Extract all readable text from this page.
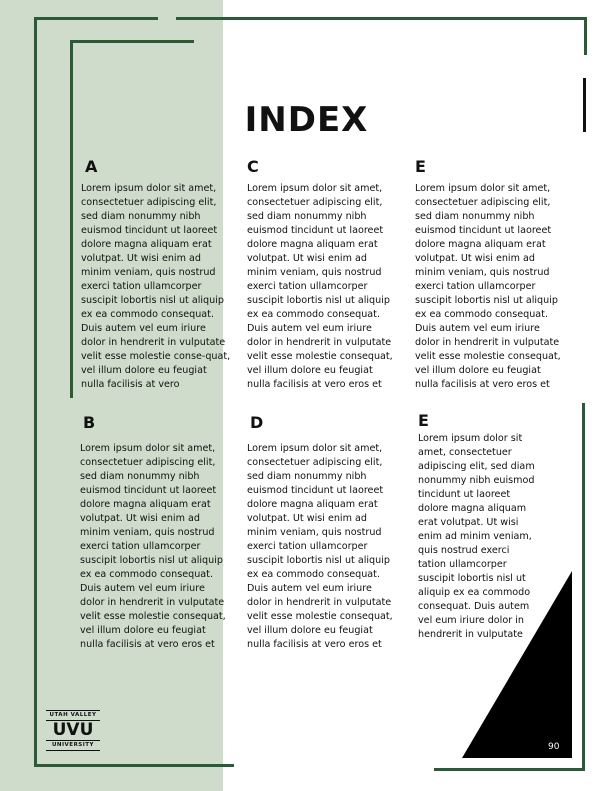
INDEX
A
Lorem ipsum dolor sit amet, consectetuer adipiscing elit, sed diam nonummy nibh euismod tincidunt ut laoreet dolore magna aliquam erat volutpat. Ut wisi enim ad minim veniam, quis nostrud exerci tation ullamcorper suscipit lobortis nisl ut aliquip ex ea commodo consequat. Duis autem vel eum iriure dolor in hendrerit in vulputate velit esse molestie conse-quat, vel illum dolore eu feugiat nulla facilisis at vero
C
Lorem ipsum dolor sit amet, consectetuer adipiscing elit, sed diam nonummy nibh euismod tincidunt ut laoreet dolore magna aliquam erat volutpat. Ut wisi enim ad minim veniam, quis nostrud exerci tation ullamcorper suscipit lobortis nisl ut aliquip ex ea commodo consequat. Duis autem vel eum iriure dolor in hendrerit in vulputate velit esse molestie consequat, vel illum dolore eu feugiat nulla facilisis at vero eros et
E
Lorem ipsum dolor sit amet, consectetuer adipiscing elit, sed diam nonummy nibh euismod tincidunt ut laoreet dolore magna aliquam erat volutpat. Ut wisi enim ad minim veniam, quis nostrud exerci tation ullamcorper suscipit lobortis nisl ut aliquip ex ea commodo consequat. Duis autem vel eum iriure dolor in hendrerit in vulputate velit esse molestie consequat, vel illum dolore eu feugiat nulla facilisis at vero eros et
B
Lorem ipsum dolor sit amet, consectetuer adipiscing elit, sed diam nonummy nibh euismod tincidunt ut laoreet dolore magna aliquam erat volutpat. Ut wisi enim ad minim veniam, quis nostrud exerci tation ullamcorper suscipit lobortis nisl ut aliquip ex ea commodo consequat. Duis autem vel eum iriure dolor in hendrerit in vulputate velit esse molestie consequat, vel illum dolore eu feugiat nulla facilisis at vero eros et
D
Lorem ipsum dolor sit amet, consectetuer adipiscing elit, sed diam nonummy nibh euismod tincidunt ut laoreet dolore magna aliquam erat volutpat. Ut wisi enim ad minim veniam, quis nostrud exerci tation ullamcorper suscipit lobortis nisl ut aliquip ex ea commodo consequat. Duis autem vel eum iriure dolor in hendrerit in vulputate velit esse molestie consequat, vel illum dolore eu feugiat nulla facilisis at vero eros et
E
Lorem ipsum dolor sit amet, consectetuer adipiscing elit, sed diam nonummy nibh euismod tincidunt ut laoreet dolore magna aliquam erat volutpat. Ut wisi enim ad minim veniam, quis nostrud exerci tation ullamcorper suscipit lobortis nisl ut aliquip ex ea commodo consequat. Duis autem vel eum iriure dolor in hendrerit in vulputate
UTAH VALLEY
UVU
UNIVERSITY	90
